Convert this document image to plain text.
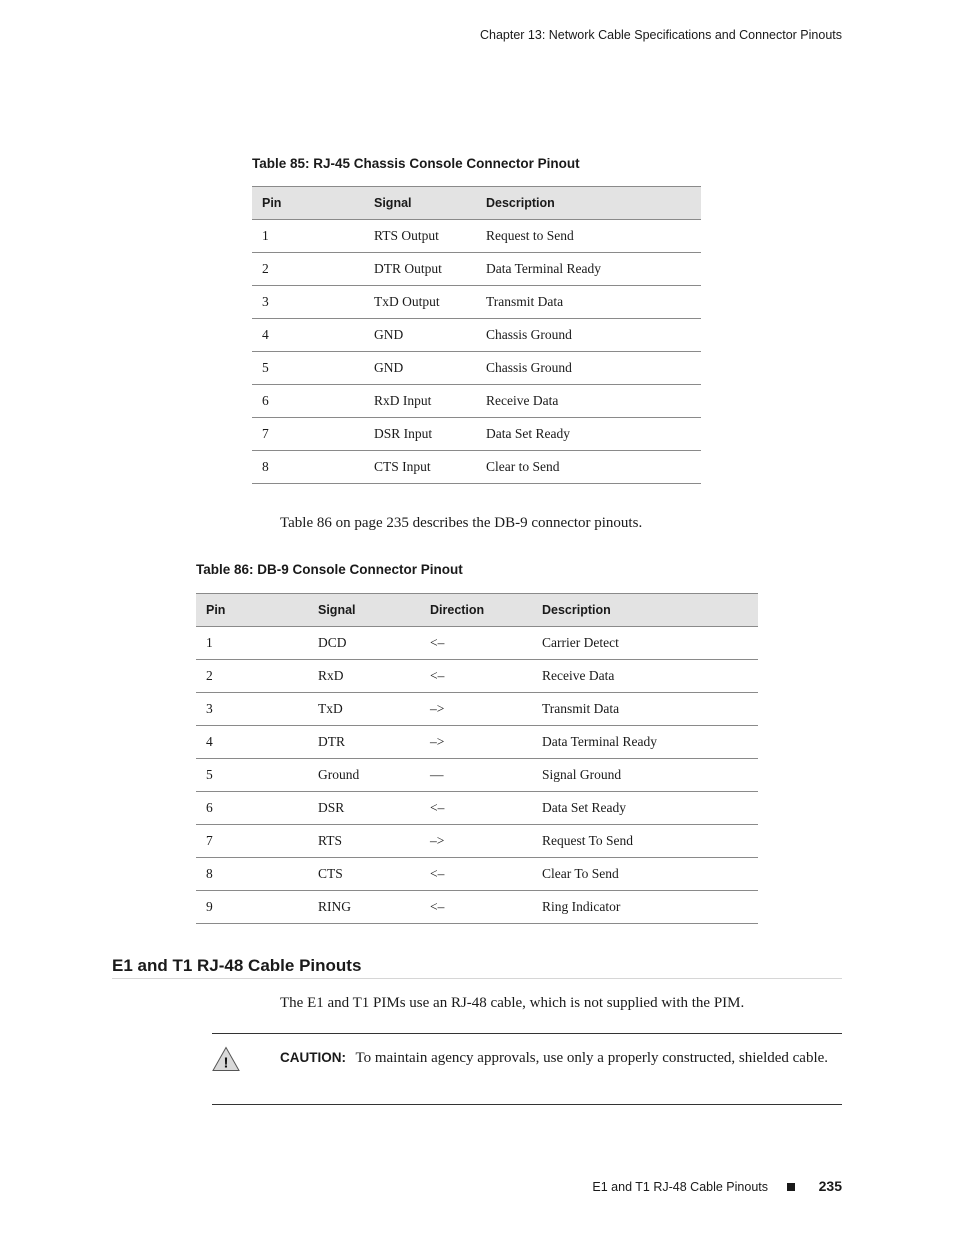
Chapter 13: Network Cable Specifications and Connector Pinouts
Table 85: RJ-45 Chassis Console Connector Pinout
Pin	Signal	Description
1	RTS Output	Request to Send
2	DTR Output	Data Terminal Ready
3	TxD Output	Transmit Data
4	GND	Chassis Ground
5	GND	Chassis Ground
6	RxD Input	Receive Data
7	DSR Input	Data Set Ready
8	CTS Input	Clear to Send
Table 86 on page 235 describes the DB-9 connector pinouts.
Table 86: DB-9 Console Connector Pinout
Pin	Signal	Direction	Description
1	DCD	<–	Carrier Detect
2	RxD	<–	Receive Data
3	TxD	–>	Transmit Data
4	DTR	–>	Data Terminal Ready
5	Ground	—	Signal Ground
6	DSR	<–	Data Set Ready
7	RTS	–>	Request To Send
8	CTS	<–	Clear To Send
9	RING	<–	Ring Indicator
E1 and T1 RJ-48 Cable Pinouts
The E1 and T1 PIMs use an RJ-48 cable, which is not supplied with the PIM.
!	CAUTION: To maintain agency approvals, use only a properly constructed, shielded cable.
E1 and T1 RJ-48 Cable Pinouts	235
